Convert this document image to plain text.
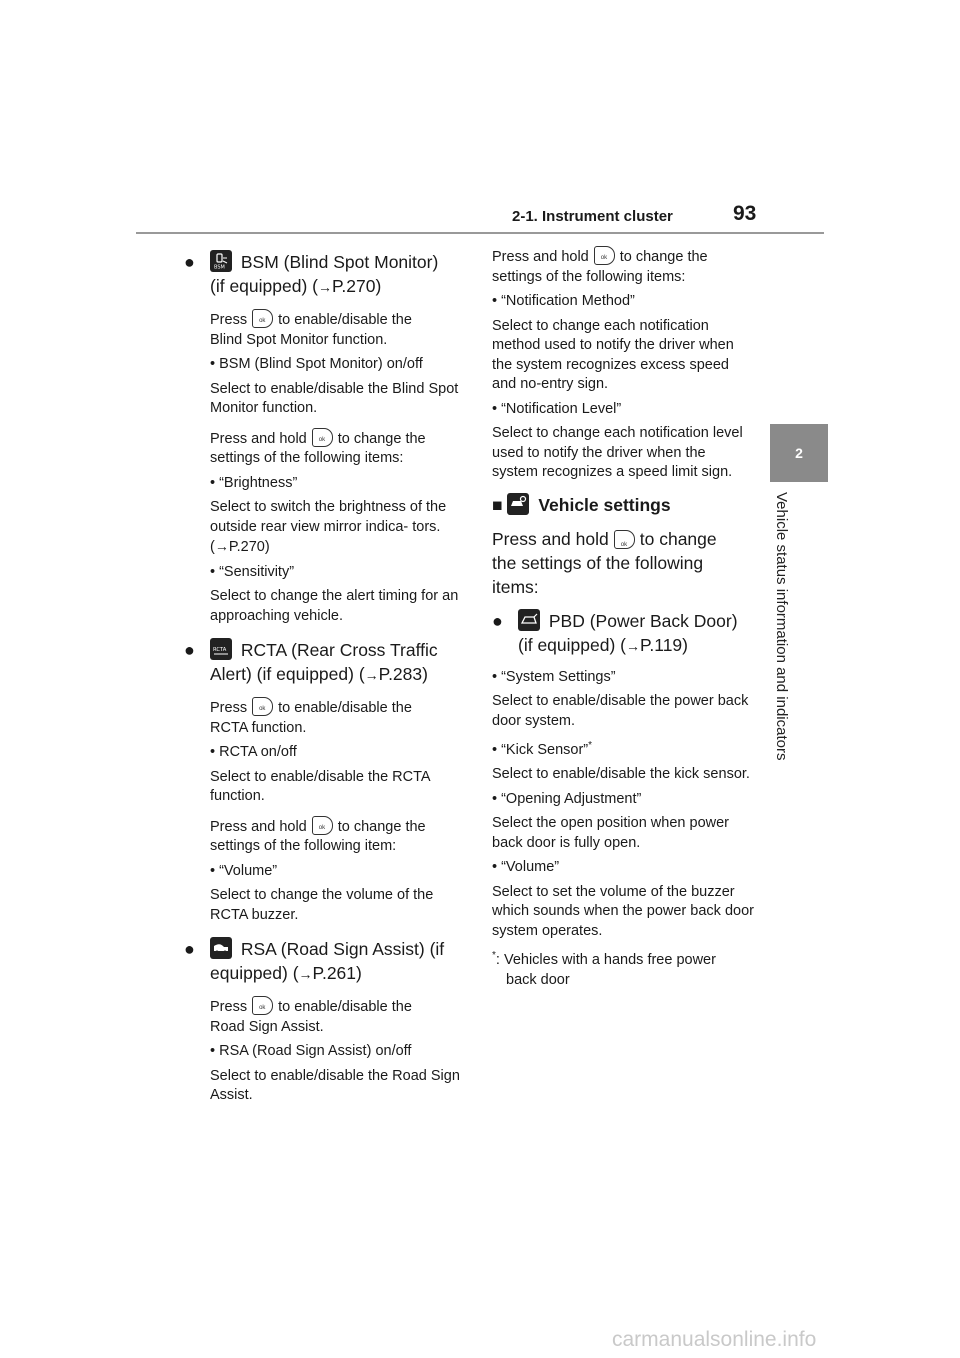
2-1. Instrument cluster	93
2
Vehicle status information and indicators
●	BSM BSM (Blind Spot Monitor)
(if equipped) (→P.270)

Press ok to enable/disable the
Blind Spot Monitor function.

• BSM (Blind Spot Monitor) on/off

Select to enable/disable the Blind Spot Monitor function.

Press and hold ok to change the
settings of the following items:

• “Brightness”

Select to switch the brightness of the outside rear view mirror indica- tors. (→P.270)

• “Sensitivity”

Select to change the alert timing for an approaching vehicle.

●	RCTA RCTA (Rear Cross Traffic
Alert) (if equipped) (→P.283)

Press ok to enable/disable the
RCTA function.

• RCTA on/off

Select to enable/disable the RCTA function.

Press and hold ok to change the
settings of the following item:

• “Volume”

Select to change the volume of the RCTA buzzer.

●	RSA (Road Sign Assist) (if
equipped) (→P.261)

Press ok to enable/disable the
Road Sign Assist.

• RSA (Road Sign Assist) on/off

Select to enable/disable the Road Sign Assist.

Press and hold ok to change the
settings of the following items:

• “Notification Method”

Select to change each notification method used to notify the driver when the system recognizes excess speed and no-entry sign.

• “Notification Level”

Select to change each notification level used to notify the driver when the system recognizes a speed limit sign.

■ Vehicle settings

Press and hold ok to change
the settings of the following
items:

●	PBD (Power Back Door)
(if equipped) (→P.119)

• “System Settings”

Select to enable/disable the power back door system.

• “Kick Sensor”*

Select to enable/disable the kick sensor.

• “Opening Adjustment”

Select the open position when power back door is fully open.

• “Volume”

Select to set the volume of the buzzer which sounds when the power back door system operates.

*: Vehicles with a hands free power
back door

carmanualsonline.info
